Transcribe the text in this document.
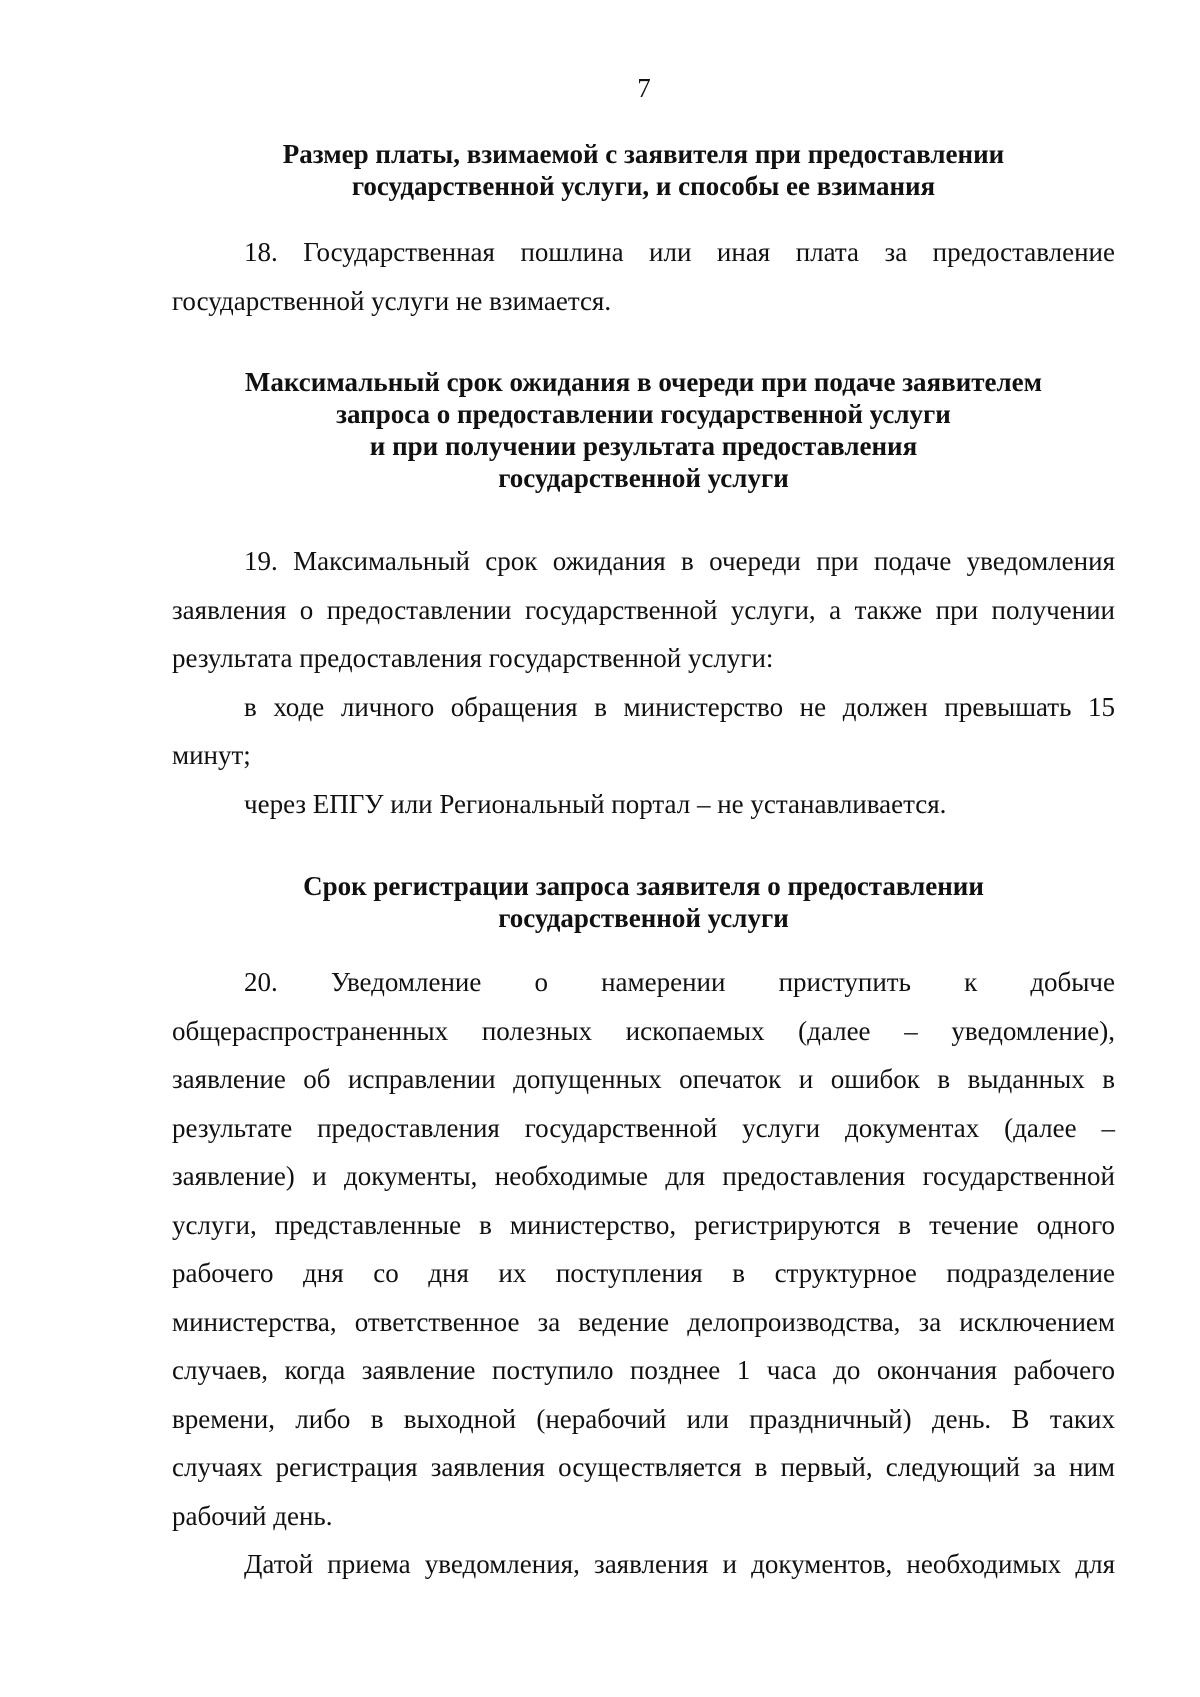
7
Размер платы, взимаемой с заявителя при предоставлении
государственной услуги, и способы ее взимания
18. Государственная пошлина или иная плата за предоставление
государственной услуги не взимается.
Максимальный срок ожидания в очереди при подаче заявителем
запроса о предоставлении государственной услуги
и при получении результата предоставления
государственной услуги
19. Максимальный срок ожидания в очереди при подаче уведомления
заявления о предоставлении государственной услуги, а также при получении
результата предоставления государственной услуги:
в ходе личного обращения в министерство не должен превышать 15
минут;
через ЕПГУ или Региональный портал – не устанавливается.
Срок регистрации запроса заявителя о предоставлении
государственной услуги
20. Уведомление о намерении приступить к добыче
общераспространенных полезных ископаемых (далее – уведомление),
заявление об исправлении допущенных опечаток и ошибок в выданных в
результате предоставления государственной услуги документах (далее –
заявление) и документы, необходимые для предоставления государственной
услуги, представленные в министерство, регистрируются в течение одного
рабочего дня со дня их поступления в структурное подразделение
министерства, ответственное за ведение делопроизводства, за исключением
случаев, когда заявление поступило позднее 1 часа до окончания рабочего
времени, либо в выходной (нерабочий или праздничный) день. В таких
случаях регистрация заявления осуществляется в первый, следующий за ним
рабочий день.
Датой приема уведомления, заявления и документов, необходимых для
